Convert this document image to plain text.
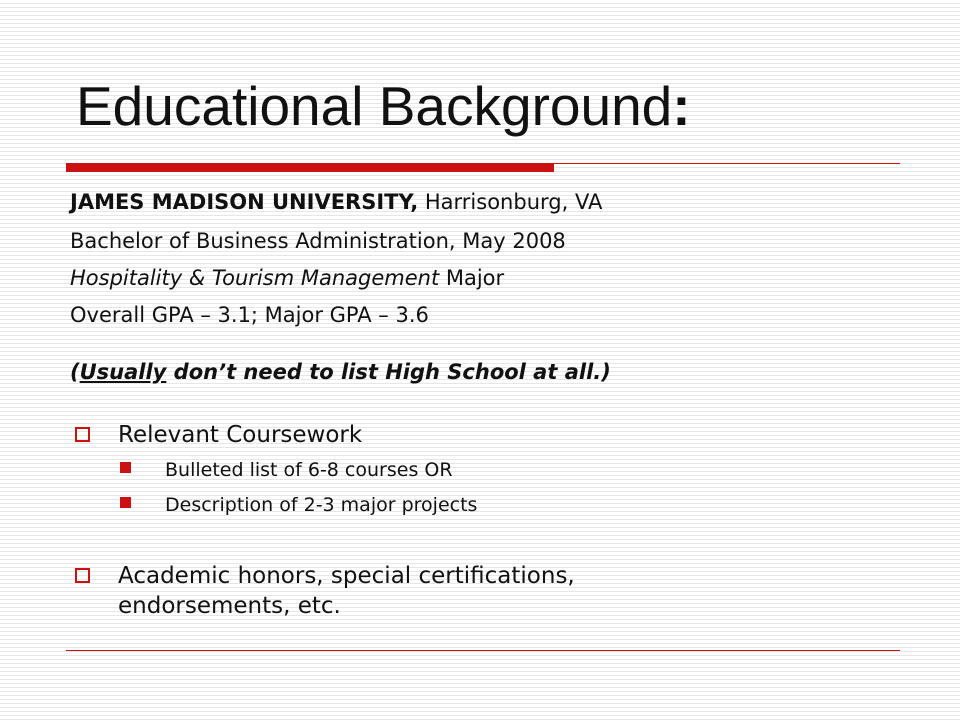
Educational Background:
JAMES MADISON UNIVERSITY, Harrisonburg, VA
Bachelor of Business Administration, May 2008
Hospitality & Tourism Management Major
Overall GPA – 3.1; Major GPA – 3.6
(Usually don’t need to list High School at all.)
Relevant Coursework
Bulleted list of 6-8 courses OR
Description of 2-3 major projects
Academic honors, special certifications,
endorsements, etc.
